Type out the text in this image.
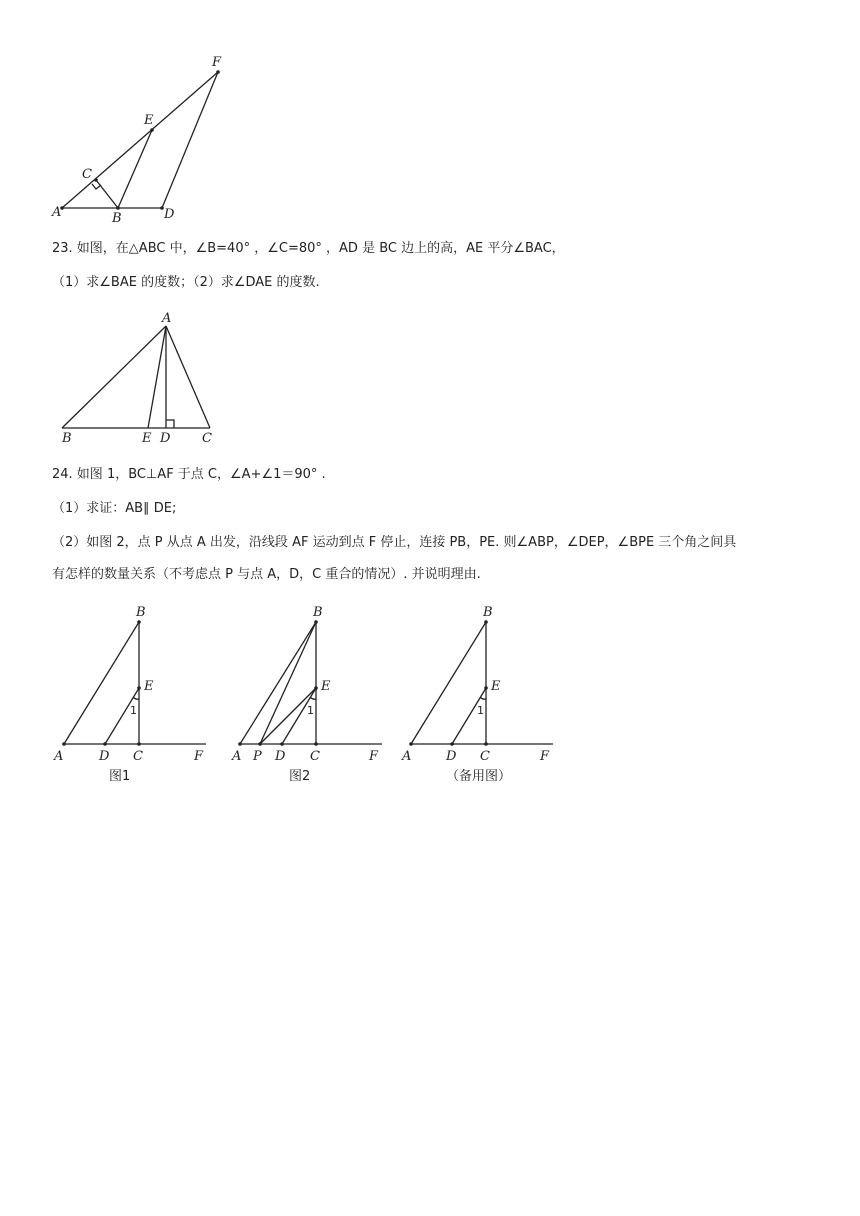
F
E
C
A	B	D
23. 如图，在△ABC 中，∠B=40° ，∠C=80° ，AD 是 BC 边上的高，AE 平分∠BAC，
（1）求∠BAE 的度数；（2）求∠DAE 的度数.
A
B	E D C
24. 如图 1，BC⊥AF 于点 C，∠A+∠1＝90° .
（1）求证：AB∥ DE;
（2）如图 2，点 P 从点 A 出发，沿线段 AF 运动到点 F 停止，连接 PB，PE. 则∠ABP，∠DEP，∠BPE 三个角之间具
有怎样的数量关系（不考虑点 P 与点 A，D，C 重合的情况）. 并说明理由.
B
E
1
A	D C	F
图1
B
E
1
A P D C	F
图2
B
E
1
A	D C	F
（备用图）
